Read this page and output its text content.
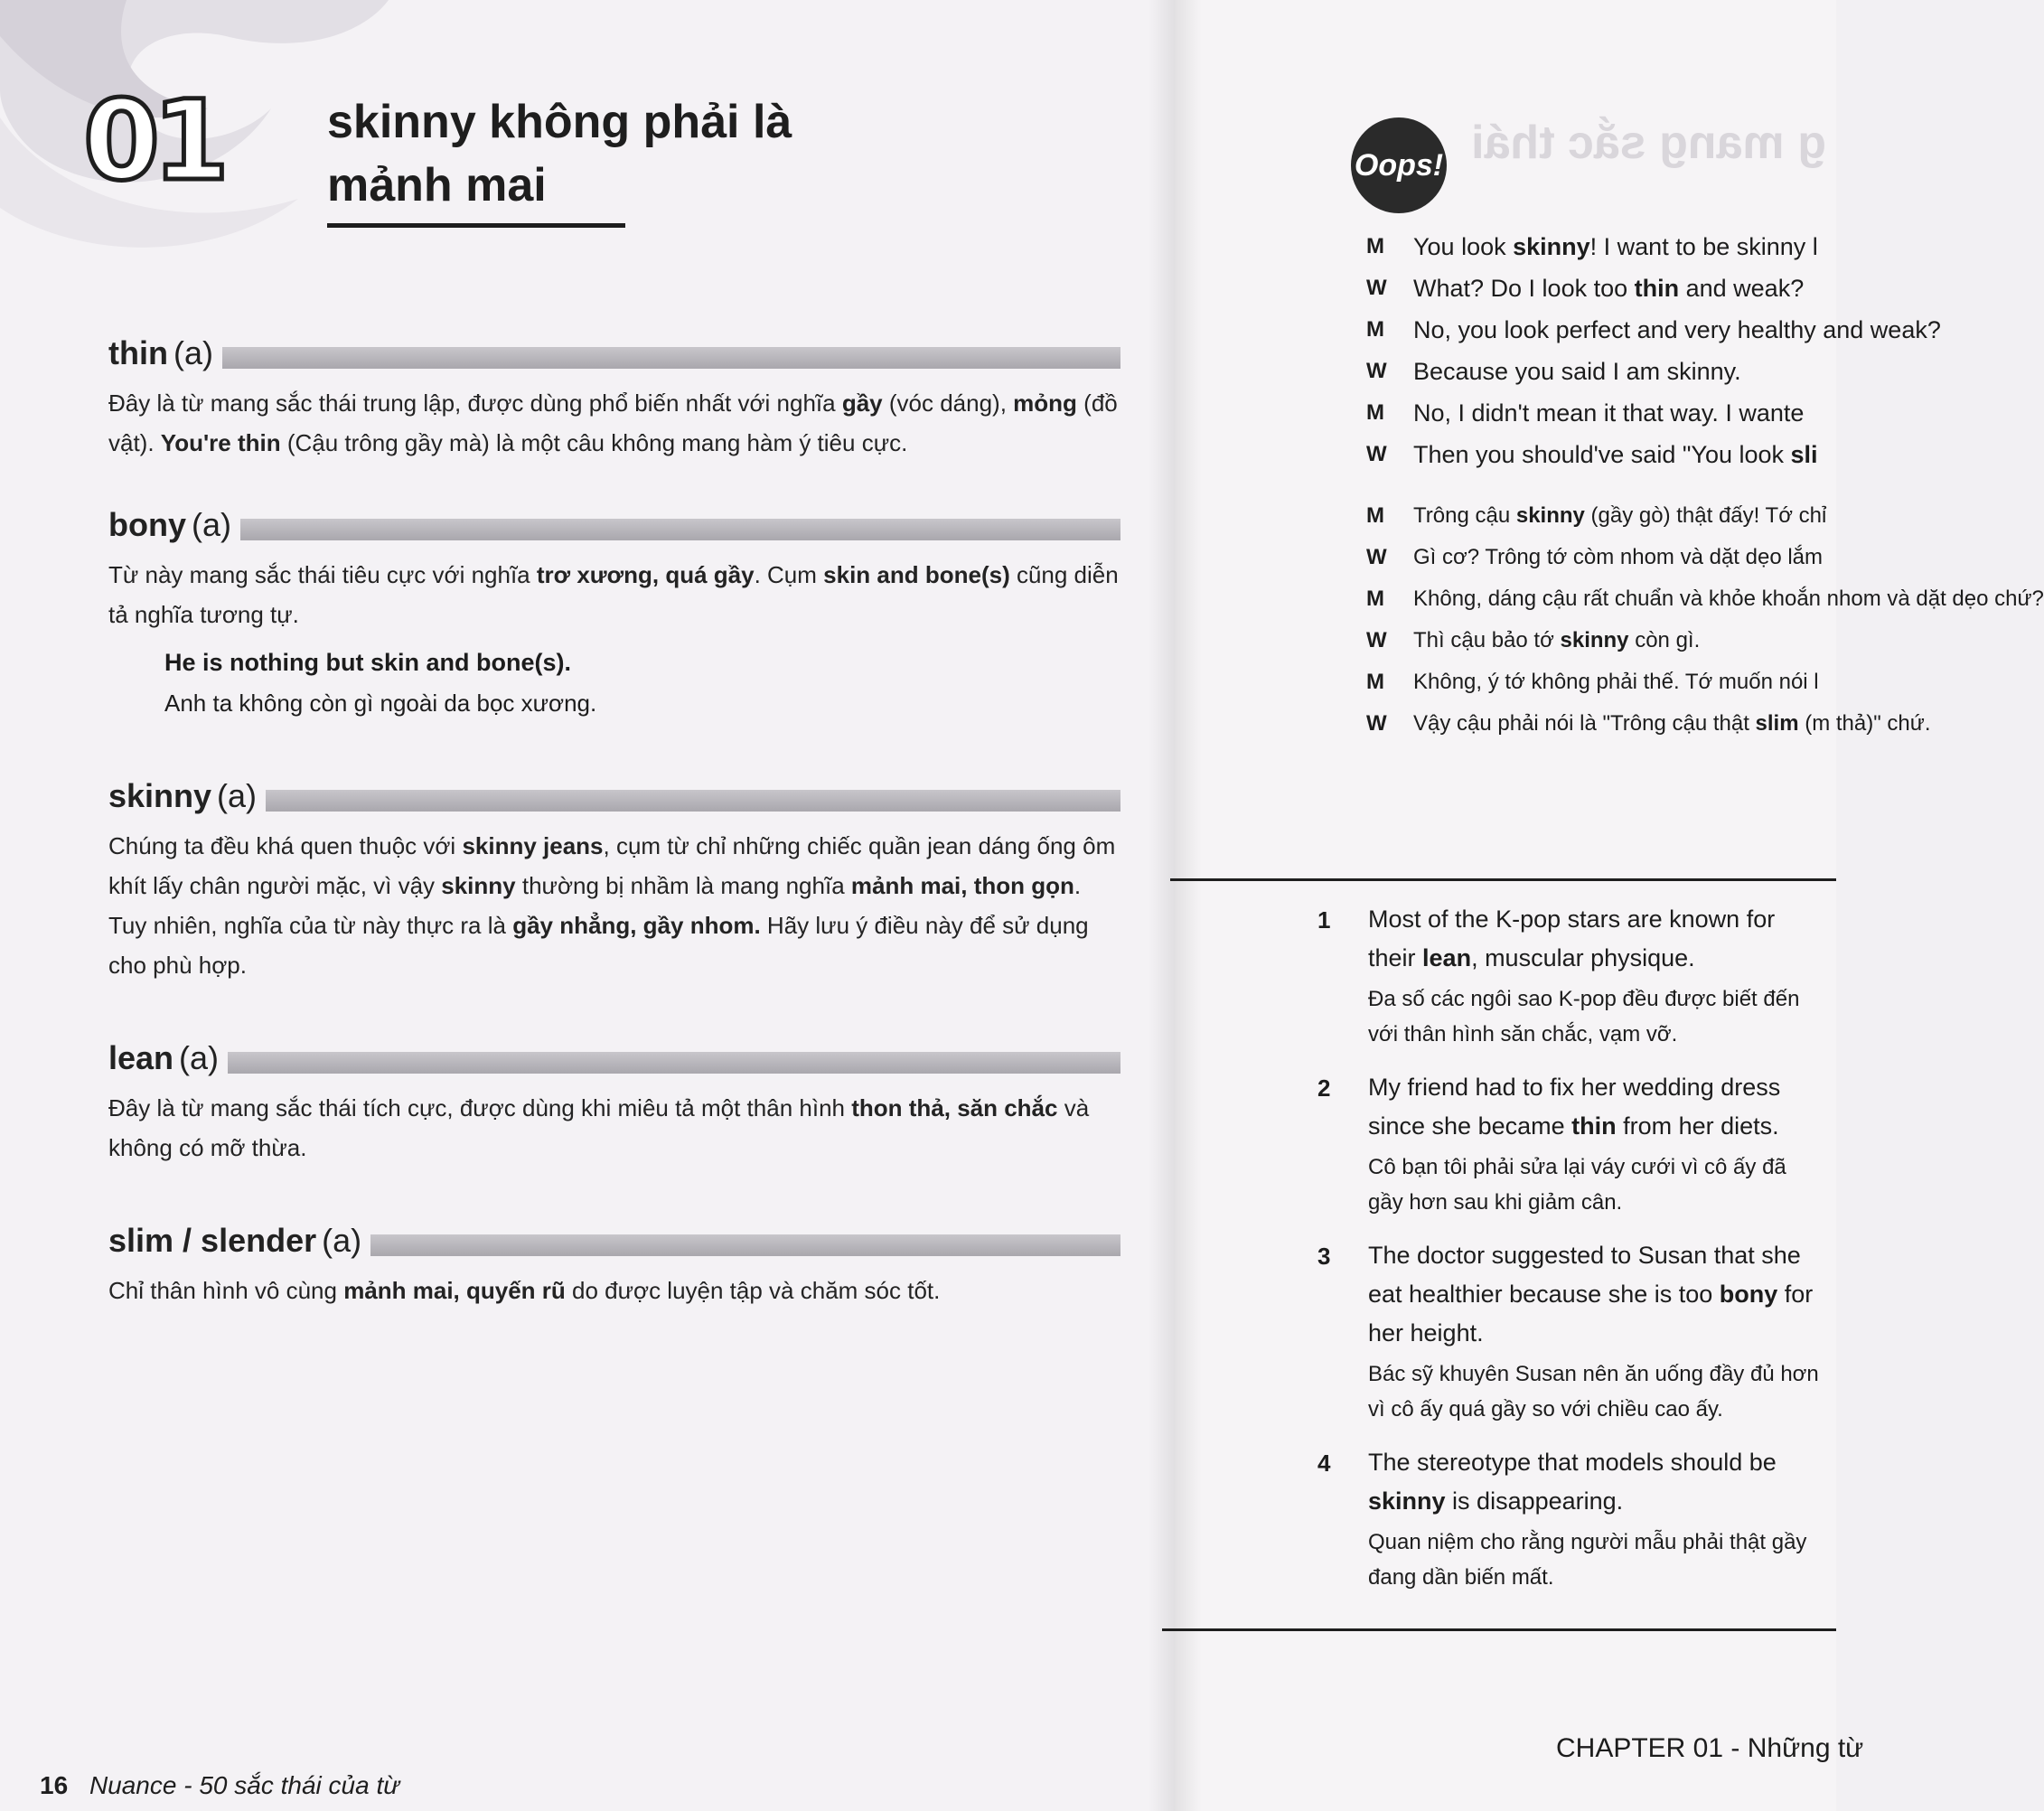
01 skinny không phải là mảnh mai
thin (a)
Đây là từ mang sắc thái trung lập, được dùng phổ biến nhất với nghĩa gầy (vóc dáng), mỏng (đồ vật). You're thin (Cậu trông gầy mà) là một câu không mang hàm ý tiêu cực.
bony (a)
Từ này mang sắc thái tiêu cực với nghĩa trơ xương, quá gầy. Cụm skin and bone(s) cũng diễn tả nghĩa tương tự.
He is nothing but skin and bone(s).
Anh ta không còn gì ngoài da bọc xương.
skinny (a)
Chúng ta đều khá quen thuộc với skinny jeans, cụm từ chỉ những chiếc quần jean dáng ống ôm khít lấy chân người mặc, vì vậy skinny thường bị nhầm là mang nghĩa mảnh mai, thon gọn. Tuy nhiên, nghĩa của từ này thực ra là gầy nhẳng, gầy nhom. Hãy lưu ý điều này để sử dụng cho phù hợp.
lean (a)
Đây là từ mang sắc thái tích cực, được dùng khi miêu tả một thân hình thon thả, săn chắc và không có mỡ thừa.
slim / slender (a)
Chỉ thân hình vô cùng mảnh mai, quyến rũ do được luyện tập và chăm sóc tốt.
16 Nuance - 50 sắc thái của từ
g mang sắc thái
Oops!
M	You look skinny! I want to be skinny l
W	What? Do I look too thin and weak?
M	No, you look perfect and very healthy and weak?
W	Because you said I am skinny.
M	No, I didn't mean it that way. I wante
W	Then you should've said "You look sli
M	Trông cậu skinny (gầy gò) thật đấy! Tớ chỉ
W	Gì cơ? Trông tớ còm nhom và dặt dẹo lắm
M	Không, dáng cậu rất chuẩn và khỏe khoắn nhom và dặt dẹo chứ?
W	Thì cậu bảo tớ skinny còn gì.
M	Không, ý tớ không phải thế. Tớ muốn nói l
W	Vậy cậu phải nói là "Trông cậu thật slim (m thả)" chứ.
1	Most of the K-pop stars are known for their lean, muscular physique.
Đa số các ngôi sao K-pop đều được biết đến với thân hình săn chắc, vạm vỡ.
2	My friend had to fix her wedding dress since she became thin from her diets.
Cô bạn tôi phải sửa lại váy cưới vì cô ấy đã gầy hơn sau khi giảm cân.
3	The doctor suggested to Susan that she eat healthier because she is too bony for her height.
Bác sỹ khuyên Susan nên ăn uống đầy đủ hơn vì cô ấy quá gầy so với chiều cao ấy.
4	The stereotype that models should be skinny is disappearing.
Quan niệm cho rằng người mẫu phải thật gầy đang dần biến mất.
CHAPTER 01 - Những từ
